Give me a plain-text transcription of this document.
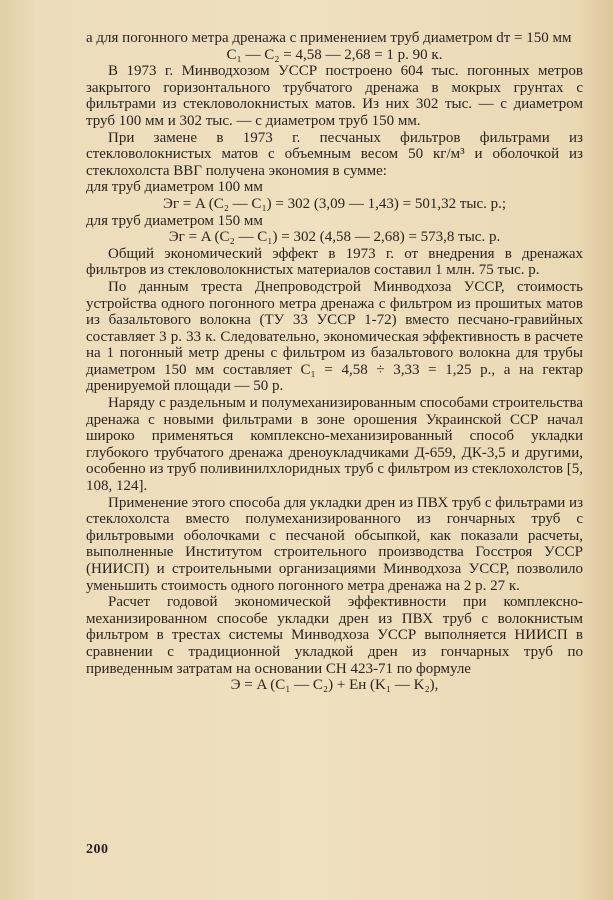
а для погонного метра дренажа с применением труб диаметром dт = 150 мм

C₁ — C₂ = 4,58 — 2,68 = 1 р. 90 к.

В 1973 г. Минводхозом УССР построено 604 тыс. погонных метров закрытого горизонтального трубчатого дренажа в мокрых грунтах с фильтрами из стекловолокнистых матов. Из них 302 тыс. — с диаметром труб 100 мм и 302 тыс. — с диаметром труб 150 мм.

При замене в 1973 г. песчаных фильтров фильтрами из стекловолокнистых матов с объемным весом 50 кг/м³ и оболочкой из стеклохолста ВВГ получена экономия в сумме:

для труб диаметром 100 мм

Эг = A (C₂ — C₁) = 302 (3,09 — 1,43) = 501,32 тыс. р.;

для труб диаметром 150 мм

Эг = A (C₂ — C₁) = 302 (4,58 — 2,68) = 573,8 тыс. р.

Общий экономический эффект в 1973 г. от внедрения в дренажах фильтров из стекловолокнистых материалов составил 1 млн. 75 тыс. р.

По данным треста Днепроводстрой Минводхоза УССР, стоимость устройства одного погонного метра дренажа с фильтром из прошитых матов из базальтового волокна (ТУ 33 УССР 1-72) вместо песчано-гравийных составляет 3 р. 33 к. Следовательно, экономическая эффективность в расчете на 1 погонный метр дрены с фильтром из базальтового волокна для трубы диаметром 150 мм составляет C₁ = 4,58 ÷ 3,33 = 1,25 р., а на гектар дренируемой площади — 50 р.

Наряду с раздельным и полумеханизированным способами строительства дренажа с новыми фильтрами в зоне орошения Украинской ССР начал широко применяться комплексно-механизированный способ укладки глубокого трубчатого дренажа дреноукладчиками Д-659, ДК-3,5 и другими, особенно из труб поливинилхлоридных труб с фильтром из стеклохолстов [5, 108, 124].

Применение этого способа для укладки дрен из ПВХ труб с фильтрами из стеклохолста вместо полумеханизированного из гончарных труб с фильтровыми оболочками с песчаной обсыпкой, как показали расчеты, выполненные Институтом строительного производства Госстроя УССР (НИИСП) и строительными организациями Минводхоза УССР, позволило уменьшить стоимость одного погонного метра дренажа на 2 р. 27 к.

Расчет годовой экономической эффективности при комплексно-механизированном способе укладки дрен из ПВХ труб с волокнистым фильтром в трестах системы Минводхоза УССР выполняется НИИСП в сравнении с традиционной укладкой дрен из гончарных труб по приведенным затратам на основании СН 423-71 по формуле

Э = A (C₁ — C₂) + Eн (K₁ — K₂),

200
